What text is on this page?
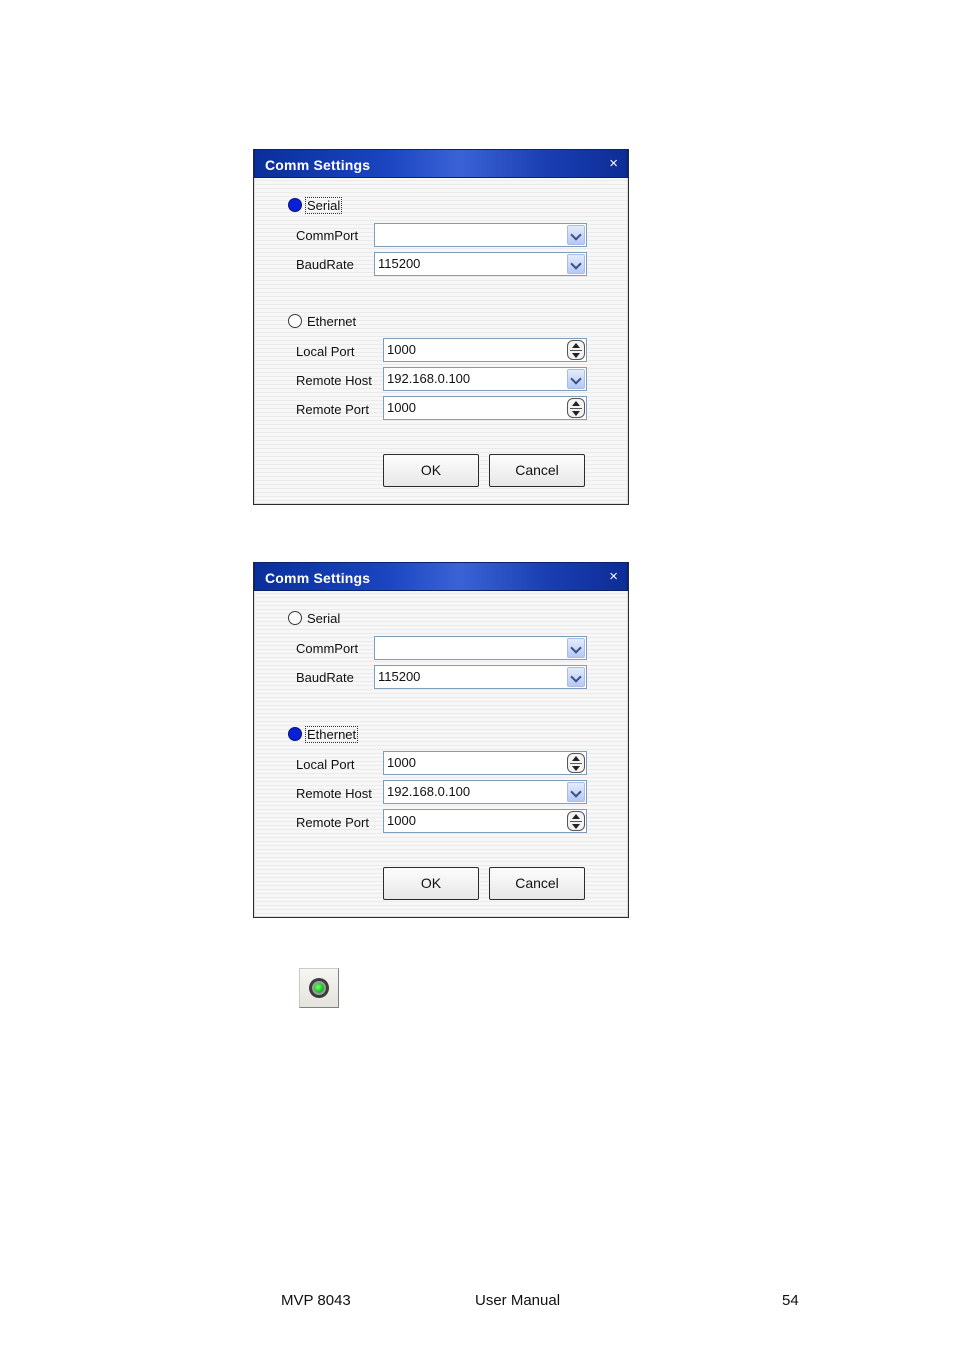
Comm Settings	×
Serial
CommPort
BaudRate 115200
Ethernet
Local Port 1000
Remote Host 192.168.0.100
Remote Port 1000
OK	Cancel
Comm Settings	×
Serial
CommPort
BaudRate 115200
Ethernet
Local Port 1000
Remote Host 192.168.0.100
Remote Port 1000
OK	Cancel
MVP 8043	User Manual	54
